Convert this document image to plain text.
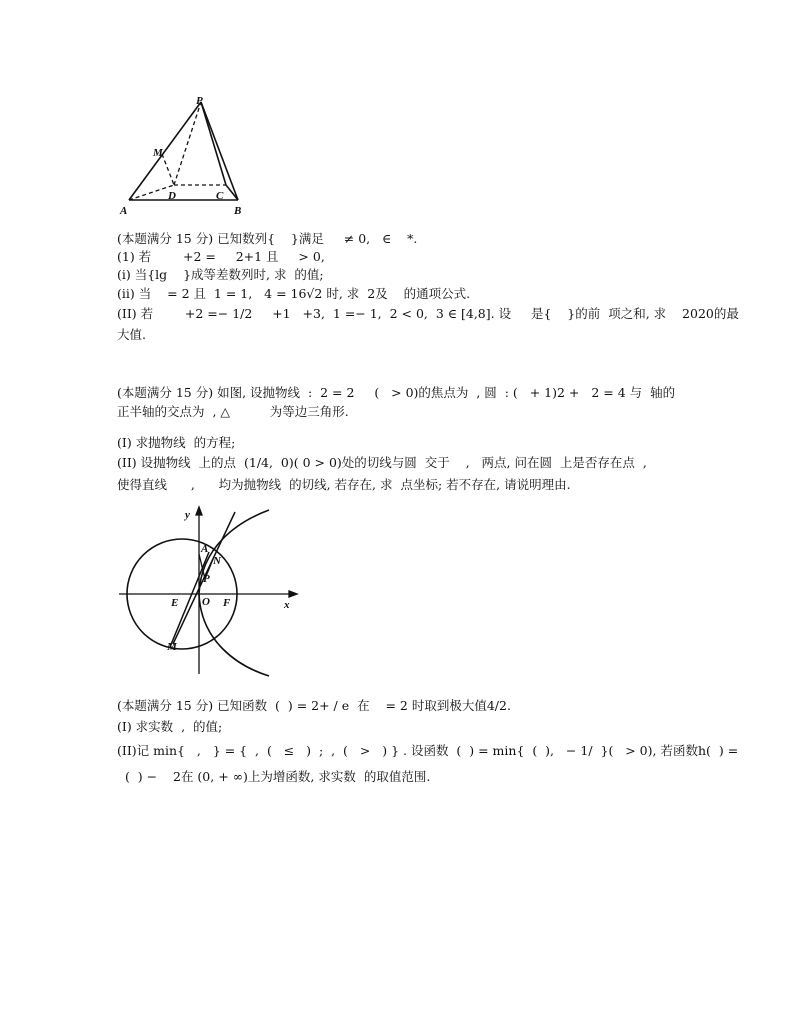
P
M
A
D	C
B
(本题满分 15 分) 已知数列{    }满足     ≠ 0,   ∈    *.
(1) 若        +2 =     2+1 且     > 0,
(i) 当{lg    }成等差数列时, 求  的值;
(ii) 当    = 2 且  1 = 1,   4 = 16√2 时, 求  2及    的通项公式.
(II) 若        +2 =− 1/2     +1   +3,  1 =− 1,  2 < 0,  3 ∈ [4,8]. 设     是{    }的前  项之和, 求    2020的最
大值.
(本题满分 15 分) 如图, 设抛物线  :  2 = 2     (   > 0)的焦点为  , 圆  : (   + 1)2 +   2 = 4 与  轴的
正半轴的交点为  , △          为等边三角形.
(I) 求抛物线  的方程;
(II) 设抛物线  上的点  (1/4,  0)( 0 > 0)处的切线与圆  交于    ,   两点, 问在圆  上是否存在点  ,
使得直线      ,      均为抛物线  的切线, 若存在, 求  点坐标; 若不存在, 请说明理由.
y
x
A
N
P
E O F
M
(本题满分 15 分) 已知函数  (  ) = 2+ / e  在    = 2 时取到极大值4/2.
(I) 求实数  ,  的值;
(II)记 min{   ,   } = {  ,  (   ≤   )  ;  ,  (   >   ) } . 设函数  (  ) = min{  (  ),   − 1/  }(   > 0), 若函数h(  ) =
(  ) −    2在 (0, + ∞)上为增函数, 求实数  的取值范围.
